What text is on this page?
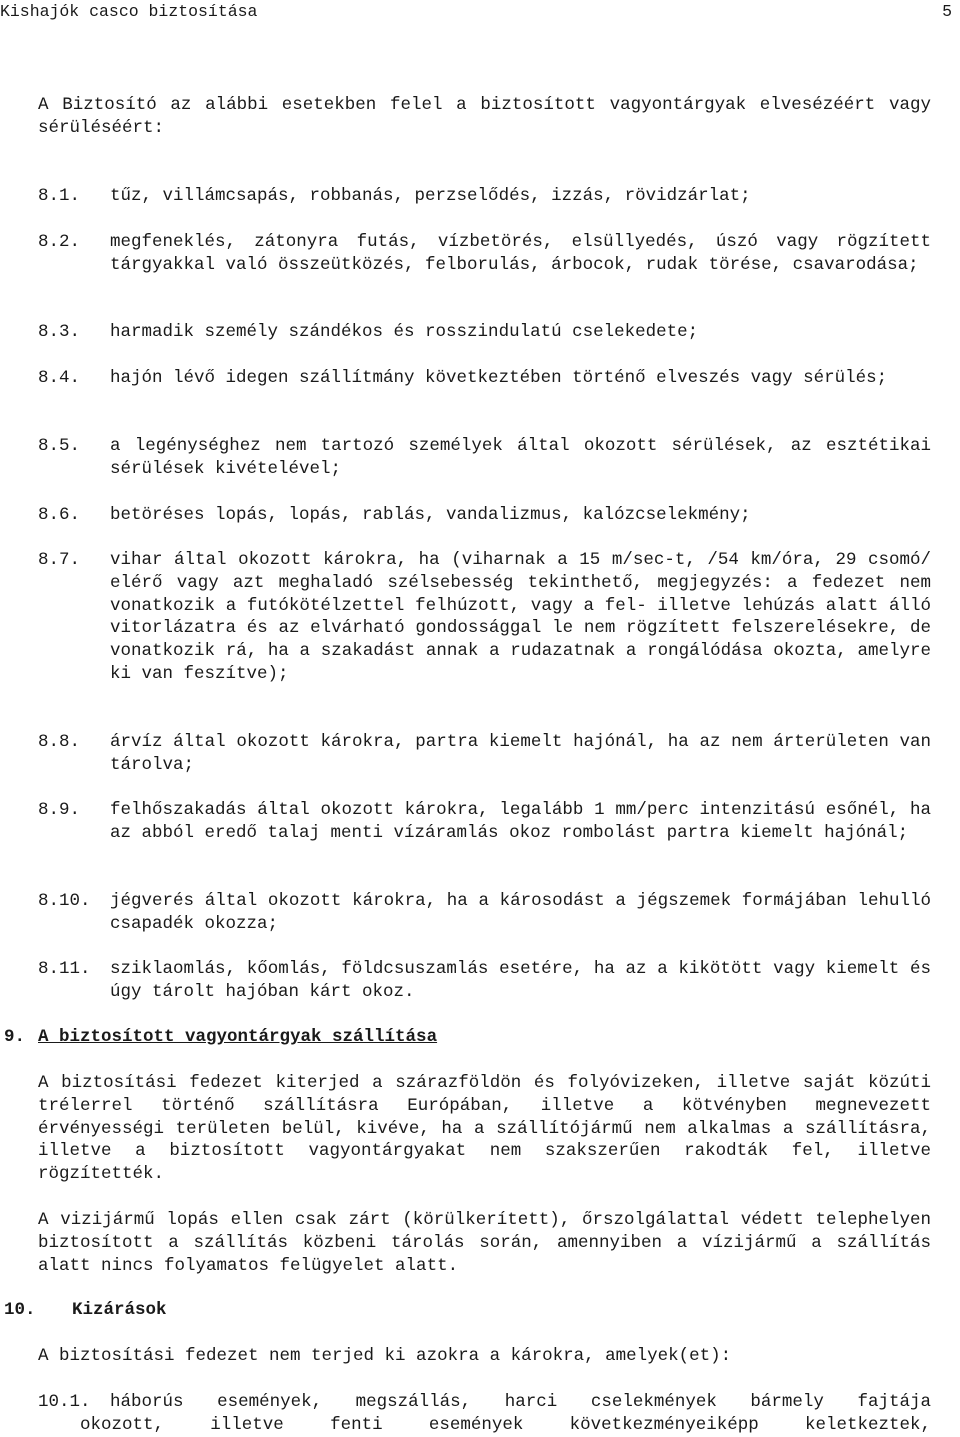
Kishajók casco biztosítása	5

A Biztosító az alábbi esetekben felel a biztosított vagyontárgyak elvesézéért vagy sérüléséért:

8.1. tűz, villámcsapás, robbanás, perzselődés, izzás, rövidzárlat;
8.2. megfeneklés, zátonyra futás, vízbetörés, elsüllyedés, úszó vagy rögzített tárgyakkal való összeütközés, felborulás, árbocok, rudak törése, csavarodása;
8.3. harmadik személy szándékos és rosszindulatú cselekedete;
8.4. hajón lévő idegen szállítmány következtében történő elveszés vagy sérülés;
8.5. a legénységhez nem tartozó személyek által okozott sérülések, az esztétikai sérülések kivételével;
8.6. betöréses lopás, lopás, rablás, vandalizmus, kalózcselekmény;
8.7. vihar által okozott károkra, ha (viharnak a 15 m/sec-t, /54 km/óra, 29 csomó/ elérő vagy azt meghaladó szélsebesség tekinthető, megjegyzés: a fedezet nem vonatkozik a futókötélzettel felhúzott, vagy a fel- illetve lehúzás alatt álló vitorlázatra és az elvárható gondossággal le nem rögzített felszerelésekre, de vonatkozik rá, ha a szakadást annak a rudazatnak a rongálódása okozta, amelyre ki van feszítve);
8.8. árvíz által okozott károkra, partra kiemelt hajónál, ha az nem árterületen van tárolva;
8.9. felhőszakadás által okozott károkra, legalább 1 mm/perc intenzitású esőnél, ha az abból eredő talaj menti vízáramlás okoz rombolást partra kiemelt hajónál;
8.10. jégverés által okozott károkra, ha a károsodást a jégszemek formájában lehulló csapadék okozza;
8.11. sziklaomlás, kőomlás, földcsuszamlás esetére, ha az a kikötött vagy kiemelt és úgy tárolt hajóban kárt okoz.
9. A biztosított vagyontárgyak szállítása

A biztosítási fedezet kiterjed a szárazföldön és folyóvizeken, illetve saját közúti trélerrel történő szállításra Európában, illetve a kötvényben megnevezett érvényességi területen belül, kivéve, ha a szállítójármű nem alkalmas a szállításra, illetve a biztosított vagyontárgyakat nem szakszerűen rakodták fel, illetve rögzítették.

A vizijármű lopás ellen csak zárt (körülkerített), őrszolgálattal védett telephelyen biztosított a szállítás közbeni tárolás során, amennyiben a vízijármű a szállítás alatt nincs folyamatos felügyelet alatt.

10. Kizárások

A biztosítási fedezet nem terjed ki azokra a károkra, amelyek(et):

10.1.	háborús események, megszállás, harci cselekmények bármely fajtája
okozott, illetve fenti események következményeiképp keletkeztek,
